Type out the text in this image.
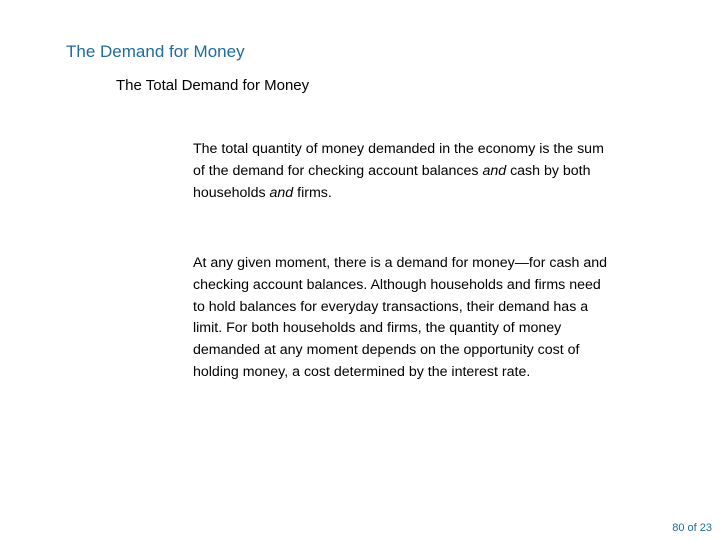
The Demand for Money
The Total Demand for Money
The total quantity of money demanded in the economy is the sum of the demand for checking account balances and cash by both households and firms.
At any given moment, there is a demand for money—for cash and checking account balances. Although households and firms need to hold balances for everyday transactions, their demand has a limit. For both households and firms, the quantity of money demanded at any moment depends on the opportunity cost of holding money, a cost determined by the interest rate.
80 of 23
